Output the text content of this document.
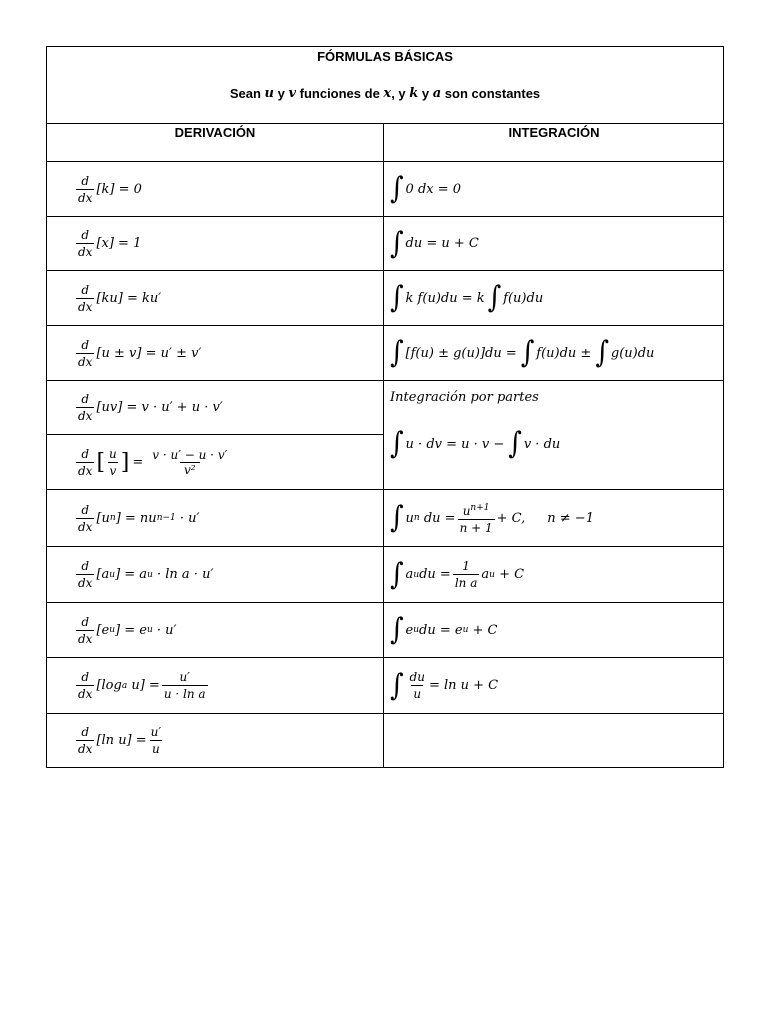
FÓRMULAS BÁSICAS
Sean u y v funciones de x , y k y a son constantes
DERIVACIÓN	INTEGRACIÓN
$\frac{d}{dx} [k] = 0$
$\frac{d}{dx} [x] = 1$
$\frac{d}{dx} [ku] = ku'$
$\frac{d}{dx} [u \pm v] = u' \pm v'$
$\frac{d}{dx} [uv] = v \cdot u' + u \cdot v'$
$\frac{d}{dx}$ [ $\frac{u}{v}$ ] = $\frac{v \cdot u' - u \cdot v'}{\text{v²}}$
$\frac{d}{dx} [u$ n ] = nu n−1 · u′
$\frac{d}{dx} [a$ u ] = a u · ln a · u′
$\frac{d}{dx} [e$ u ] = e u · u′
$\frac{d}{dx} [\log$ a $u] = \frac{u'}{\text{u · ln a}}$
$\frac{d}{dx} [\ln$ $u] = \frac{u'}{u}$
∫ 0 dx = 0
∫ du = u + C
∫ k f(u)du = k ∫ f(u)du
∫ [f(u) ± g(u)]du = ∫ f(u)du ± ∫ g(u)du
Integración por partes
∫ u · dv = u · v − ∫ v · du
∫ u n du = $\frac{u^{n+1}}{n + 1} + C$, n ≠ −1
∫ a u du = $\frac{1}{\text{ln a}}$ a u + C
∫ e u du = e u + C
∫ $\frac{du}{u} = \ln u + C$
